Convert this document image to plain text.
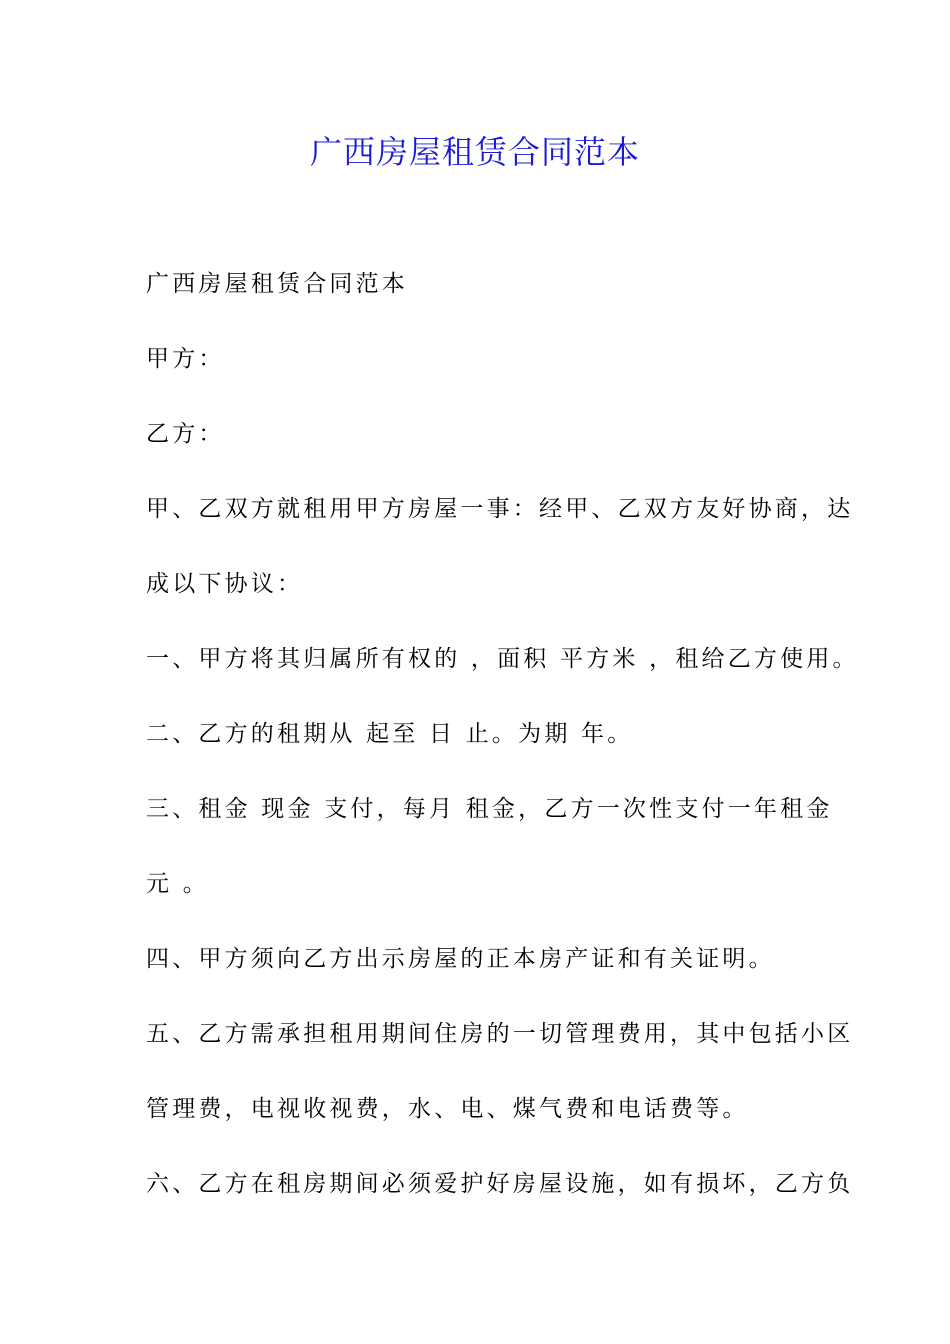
广西房屋租赁合同范本

广西房屋租赁合同范本

甲方：

乙方：

甲、乙双方就租用甲方房屋一事：经甲、乙双方友好协商，达

成以下协议：

一、甲方将其归属所有权的 ，面积 平方米 ，租给乙方使用。

二、乙方的租期从 起至 日 止。为期 年。

三、租金 现金 支付，每月 租金，乙方一次性支付一年租金

元 。

四、甲方须向乙方出示房屋的正本房产证和有关证明。

五、乙方需承担租用期间住房的一切管理费用，其中包括小区

管理费，电视收视费，水、电、煤气费和电话费等。

六、乙方在租房期间必须爱护好房屋设施，如有损坏，乙方负
